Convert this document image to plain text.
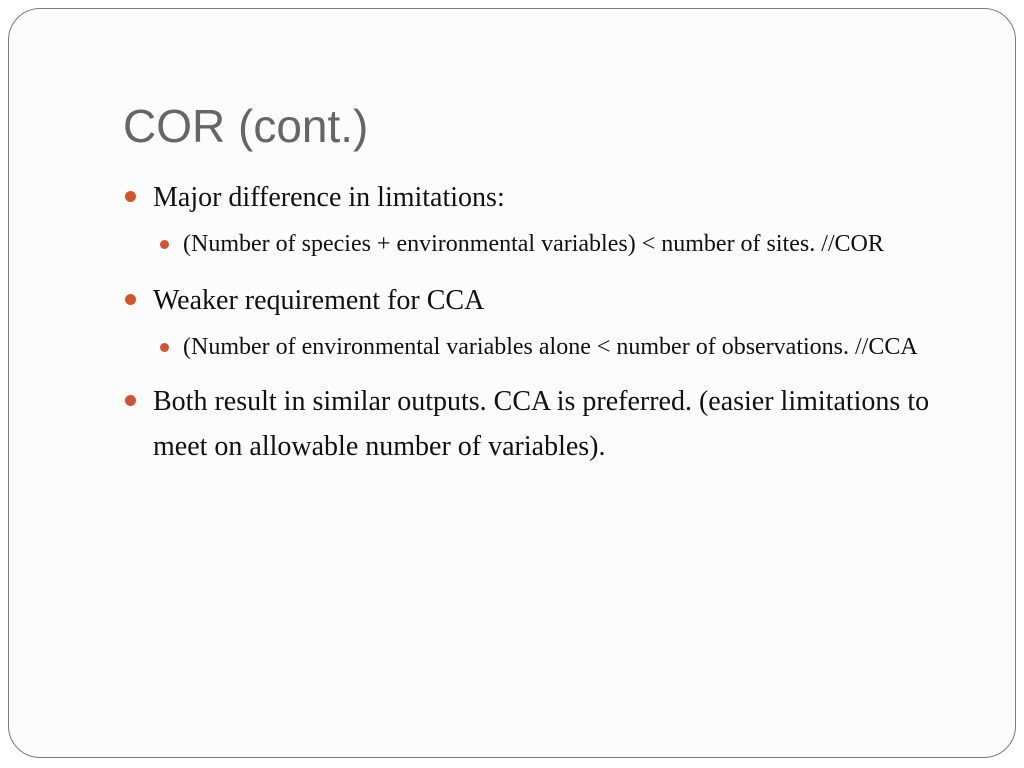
COR (cont.)
Major difference in limitations:
(Number of species + environmental variables) < number of sites. //COR
Weaker requirement for CCA
(Number of environmental variables alone < number of observations. //CCA
Both result in similar outputs. CCA is preferred. (easier limitations to meet on allowable number of variables).
